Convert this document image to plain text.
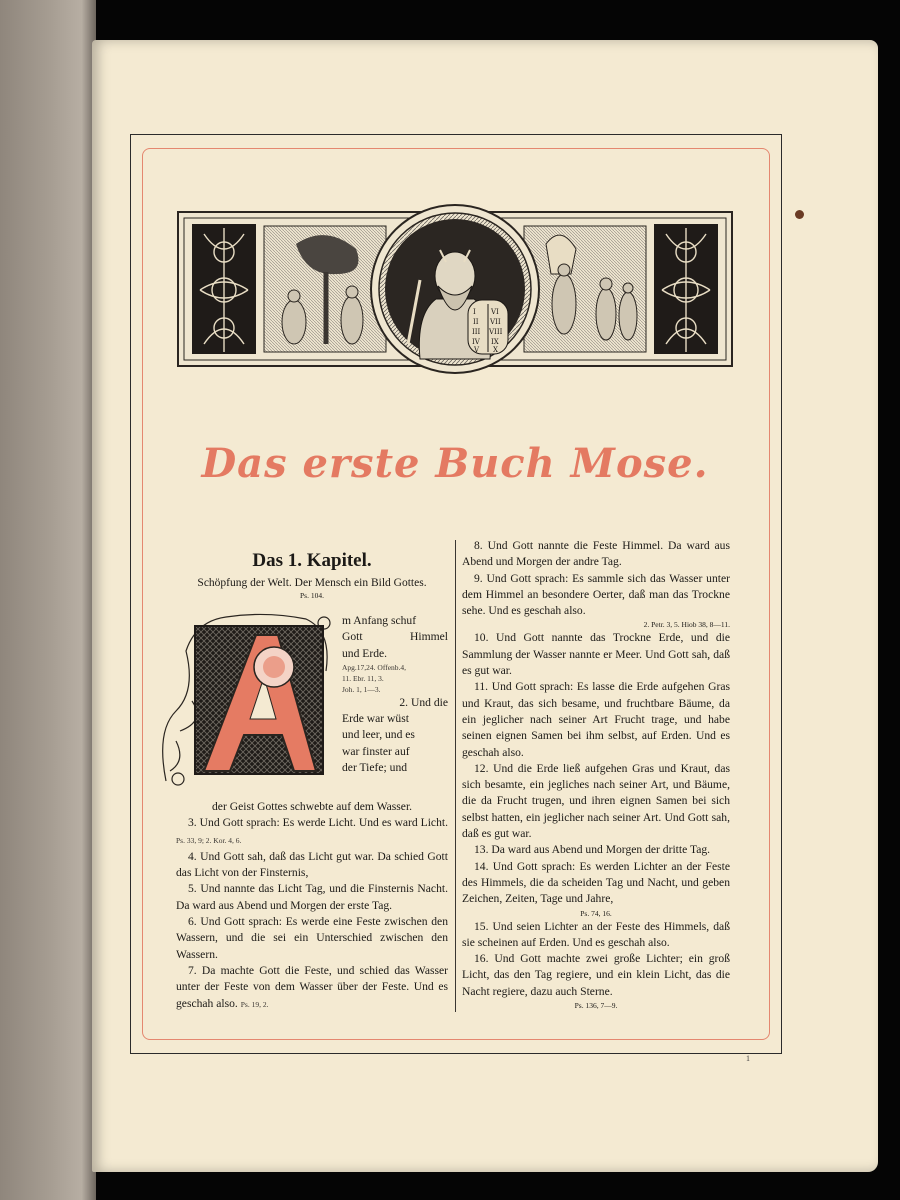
I
II
III
IV
V
VI
VII
VIII
IX
X
Das erste Buch Mose.
Das 1. Kapitel.
Schöpfung der Welt. Der Mensch ein Bild Gottes.
Ps. 104.
m Anfang schuf
Gott Himmel
und Erde.
Apg.17,24. Offenb.4,
11. Ebr. 11, 3.
Joh. 1, 1—3.
2. Und die
Erde war wüst
und leer, und es
war finster auf
der Tiefe; und
der Geist Gottes schwebte auf dem Wasser.

3. Und Gott sprach: Es werde Licht. Und es ward Licht. Ps. 33, 9; 2. Kor. 4, 6.

4. Und Gott sah, daß das Licht gut war. Da schied Gott das Licht von der Finsternis,

5. Und nannte das Licht Tag, und die Finsternis Nacht. Da ward aus Abend und Morgen der erste Tag.

6. Und Gott sprach: Es werde eine Feste zwischen den Wassern, und die sei ein Unterschied zwischen den Wassern.

7. Da machte Gott die Feste, und schied das Wasser unter der Feste von dem Wasser über der Feste. Und es geschah also. Ps. 19, 2.

8. Und Gott nannte die Feste Himmel. Da ward aus Abend und Morgen der andre Tag.

9. Und Gott sprach: Es sammle sich das Wasser unter dem Himmel an besondere Oerter, daß man das Trockne sehe. Und es geschah also.

2. Petr. 3, 5. Hiob 38, 8—11.

10. Und Gott nannte das Trockne Erde, und die Sammlung der Wasser nannte er Meer. Und Gott sah, daß es gut war.

11. Und Gott sprach: Es lasse die Erde aufgehen Gras und Kraut, das sich besame, und fruchtbare Bäume, da ein jeglicher nach seiner Art Frucht trage, und habe seinen eignen Samen bei ihm selbst, auf Erden. Und es geschah also.

12. Und die Erde ließ aufgehen Gras und Kraut, das sich besamte, ein jegliches nach seiner Art, und Bäume, die da Frucht trugen, und ihren eignen Samen bei sich selbst hatten, ein jeglicher nach seiner Art. Und Gott sah, daß es gut war.

13. Da ward aus Abend und Morgen der dritte Tag.

14. Und Gott sprach: Es werden Lichter an der Feste des Himmels, die da scheiden Tag und Nacht, und geben Zeichen, Zeiten, Tage und Jahre,

Ps. 74, 16.

15. Und seien Lichter an der Feste des Himmels, daß sie scheinen auf Erden. Und es geschah also.

16. Und Gott machte zwei große Lichter; ein groß Licht, das den Tag regiere, und ein klein Licht, das die Nacht regiere, dazu auch Sterne.

Ps. 136, 7—9.
1
